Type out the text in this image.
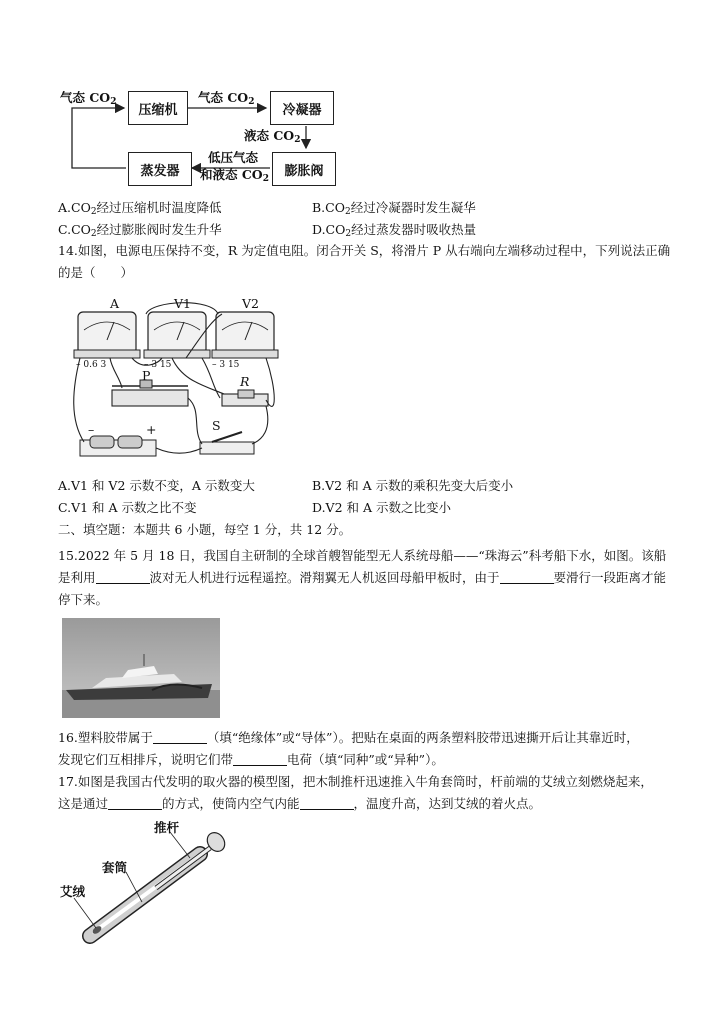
压缩机	冷凝器
膨胀阀
蒸发器
气态 $CO_2$	气态 $CO_2$
液态 $CO_2$
低压气态
和液态 $CO_2$
$A.CO_2$经过压缩机时温度降低	$B.CO_2$经过冷凝器时发生凝华
$C.CO_2$经过膨胀阀时发生升华	$D.CO_2$经过蒸发器时吸收热量
14.如图，电源电压保持不变，R 为定值电阻。闭合开关 S，将滑片 P 从右端向左端移动过程中，下列说法正确
的是（　　）
A	V1	V2
– 0.6 3	– 3 15	– 3 15
P	R
S
–	+
A.V1 和 V2 示数不变，A 示数变大	B.V2 和 A 示数的乘积先变大后变小
C.V1 和 A 示数之比不变	D.V2 和 A 示数之比变小
二、填空题：本题共 6 小题，每空 1 分，共 12 分。
15.2022 年 5 月 18 日，我国自主研制的全球首艘智能型无人系统母船——“珠海云”科考船下水，如图。该船
是利用	波对无人机进行远程遥控。滑翔翼无人机返回母船甲板时，由于	要滑行一段距离才能
停下来。
16.塑料胶带属于	（填“绝缘体”或“导体”）。把贴在桌面的两条塑料胶带迅速撕开后让其靠近时，
发现它们互相排斥，说明它们带	电荷（填“同种”或“异种”）。
17.如图是我国古代发明的取火器的模型图，把木制推杆迅速推入牛角套筒时，杆前端的艾绒立刻燃烧起来，
这是通过	的方式，使筒内空气内能	，温度升高，达到艾绒的着火点。
推杆
套筒
艾绒
